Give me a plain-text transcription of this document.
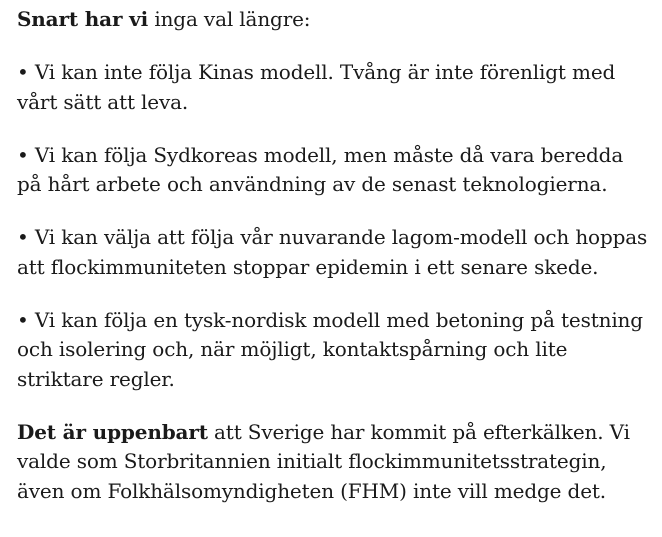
Snart har vi inga val längre:

• Vi kan inte följa Kinas modell. Tvång är inte förenligt med vårt sätt att leva.

• Vi kan följa Sydkoreas modell, men måste då vara beredda på hårt arbete och användning av de senast teknologierna.

• Vi kan välja att följa vår nuvarande lagom-modell och hoppas att flockimmuniteten stoppar epidemin i ett senare skede.

• Vi kan följa en tysk-nordisk modell med betoning på testning och isolering och, när möjligt, kontaktspårning och lite striktare regler.

Det är uppenbart att Sverige har kommit på efterkälken. Vi valde som Storbritannien initialt flockimmunitetsstrategin, även om Folkhälsomyndigheten (FHM) inte vill medge det.
